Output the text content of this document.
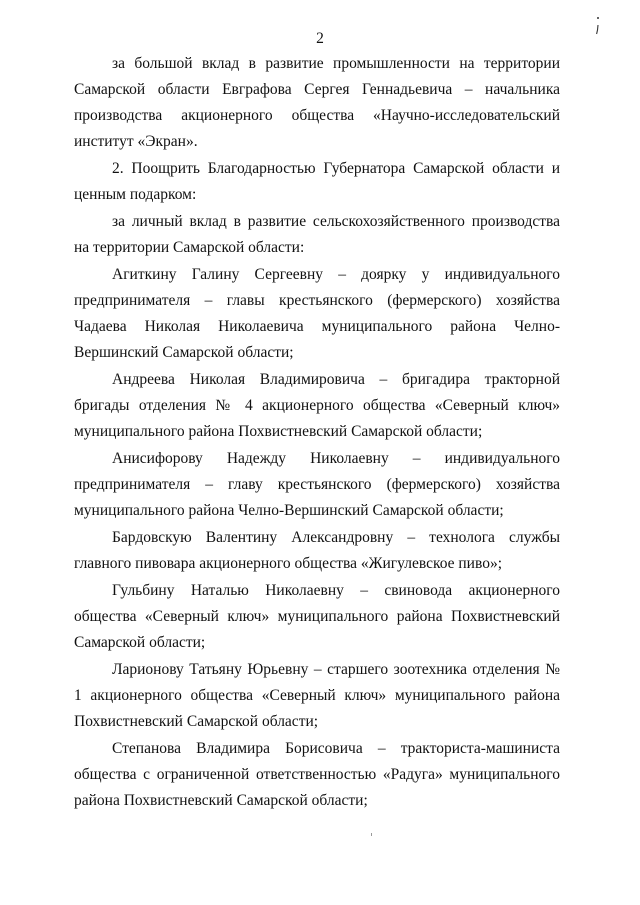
2

за большой вклад в развитие промышленности на территории Самарской области Евграфова Сергея Геннадьевича – начальника производства акционерного общества «Научно-исследовательский институт «Экран».

2. Поощрить Благодарностью Губернатора Самарской области и ценным подарком:

за личный вклад в развитие сельскохозяйственного производства на территории Самарской области:

Агиткину Галину Сергеевну – доярку у индивидуального предпринимателя – главы крестьянского (фермерского) хозяйства Чадаева Николая Николаевича муниципального района Челно-Вершинский Самарской области;

Андреева Николая Владимировича – бригадира тракторной бригады отделения № 4 акционерного общества «Северный ключ» муниципального района Похвистневский Самарской области;

Анисифорову Надежду Николаевну – индивидуального предпринимателя – главу крестьянского (фермерского) хозяйства муниципального района Челно-Вершинский Самарской области;

Бардовскую Валентину Александровну – технолога службы главного пивовара акционерного общества «Жигулевское пиво»;

Гульбину Наталью Николаевну – свиновода акционерного общества «Северный ключ» муниципального района Похвистневский Самарской области;

Ларионову Татьяну Юрьевну – старшего зоотехника отделения № 1 акционерного общества «Северный ключ» муниципального района Похвистневский Самарской области;

Степанова Владимира Борисовича – тракториста-машиниста общества с ограниченной ответственностью «Радуга» муниципального района Похвистневский Самарской области;
